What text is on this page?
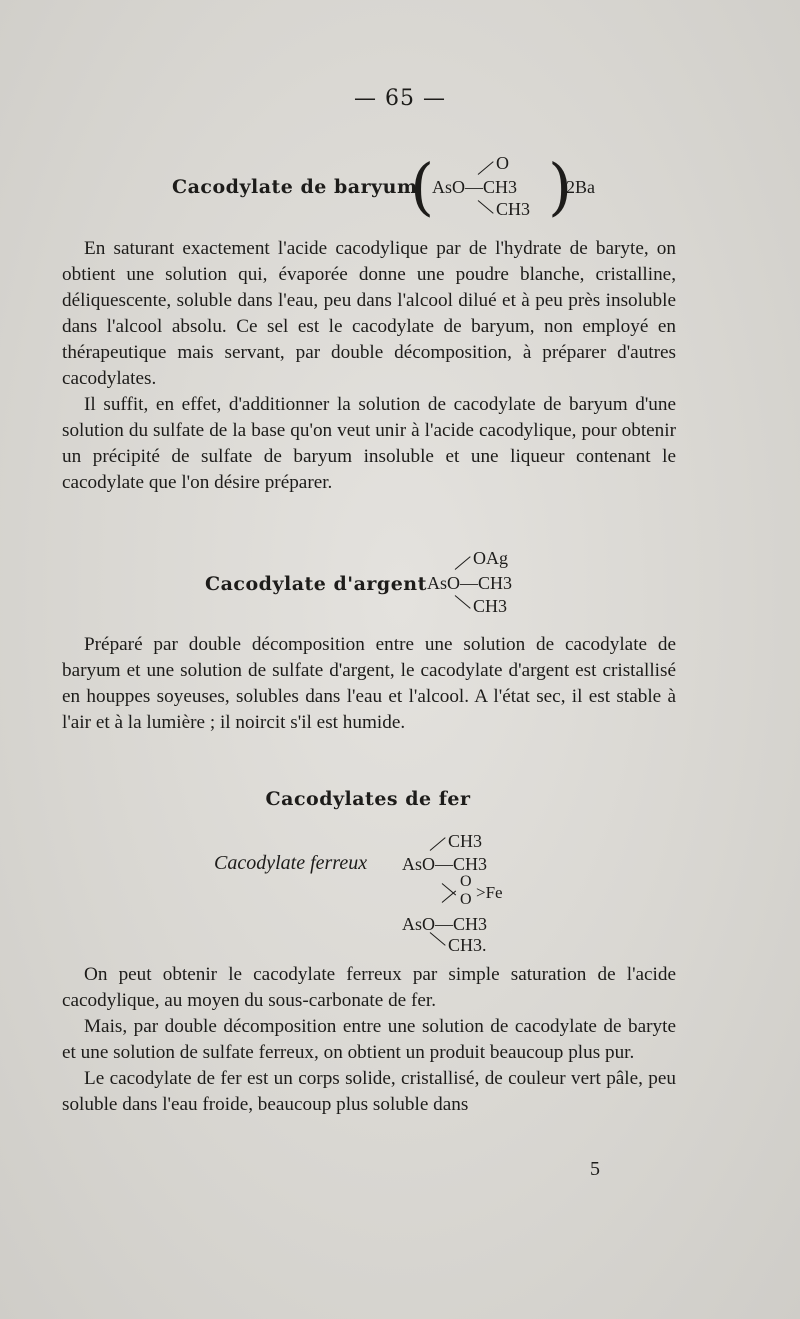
— 65 —
Cacodylate de baryum
(	O
AsO—CH3
CH3 )
2Ba

En saturant exactement l'acide cacodylique par de l'hydrate de baryte, on obtient une solution qui, évaporée donne une poudre blanche, cristalline, déliquescente, soluble dans l'eau, peu dans l'alcool dilué et à peu près insoluble dans l'alcool absolu. Ce sel est le cacodylate de baryum, non employé en thérapeutique mais servant, par double décomposition, à préparer d'autres cacodylates.

Il suffit, en effet, d'additionner la solution de cacodylate de baryum d'une solution du sulfate de la base qu'on veut unir à l'acide cacodylique, pour obtenir un précipité de sulfate de baryum insoluble et une liqueur contenant le cacodylate que l'on désire préparer.

Cacodylate d'argent
OAg
AsO—CH3
CH3

Préparé par double décomposition entre une solution de cacodylate de baryum et une solution de sulfate d'argent, le cacodylate d'argent est cristallisé en houppes soyeuses, solubles dans l'eau et l'alcool. A l'état sec, il est stable à l'air et à la lumière ; il noircit s'il est humide.

Cacodylates de fer
Cacodylate ferreux
CH3
AsO—CH3
O
>Fe
O
AsO—CH3
CH3.

On peut obtenir le cacodylate ferreux par simple saturation de l'acide cacodylique, au moyen du sous-carbonate de fer.

Mais, par double décomposition entre une solution de cacodylate de baryte et une solution de sulfate ferreux, on obtient un produit beaucoup plus pur.

Le cacodylate de fer est un corps solide, cristallisé, de couleur vert pâle, peu soluble dans l'eau froide, beaucoup plus soluble dans

5
